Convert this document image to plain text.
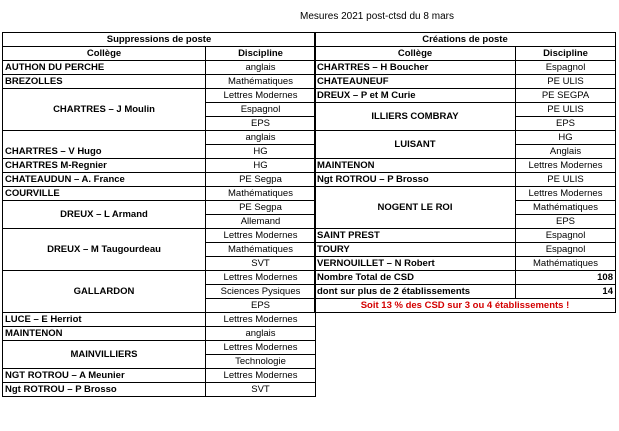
Mesures 2021 post-ctsd du 8 mars
Suppressions de poste	
Collège	Discipline
AUTHON DU PERCHE	anglais
BREZOLLES	Mathématiques
CHARTRES – J Moulin	Lettres Modernes
	Espagnol
	EPS
CHARTRES – V Hugo	anglais
	HG
CHARTRES M-Regnier	HG
CHATEAUDUN – A. France	PE Segpa
COURVILLE	Mathématiques
DREUX – L Armand	PE Segpa
	Allemand
DREUX – M Taugourdeau	Lettres Modernes
	Mathématiques
	SVT
GALLARDON	Lettres Modernes
	Sciences Pysiques
	EPS
LUCE – E Herriot	Lettres Modernes
MAINTENON	anglais
MAINVILLIERS	Lettres Modernes
	Technologie
NGT ROTROU – A Meunier	Lettres Modernes
Ngt ROTROU – P Brosso	SVT
Créations de poste	
Collège	Discipline
CHARTRES – H Boucher	Espagnol
CHATEAUNEUF	PE ULIS
DREUX – P et M Curie	PE SEGPA
ILLIERS COMBRAY	PE ULIS
	EPS
LUISANT	HG
	Anglais
MAINTENON	Lettres Modernes
Ngt ROTROU – P Brosso	PE ULIS
NOGENT LE ROI	Lettres Modernes
	Mathématiques
	EPS
SAINT PREST	Espagnol
TOURY	Espagnol
VERNOUILLET – N Robert	Mathématiques
Nombre Total de CSD	108
dont sur plus de 2 établissements	14
Soit 13 % des CSD sur 3 ou 4 établissements !	
